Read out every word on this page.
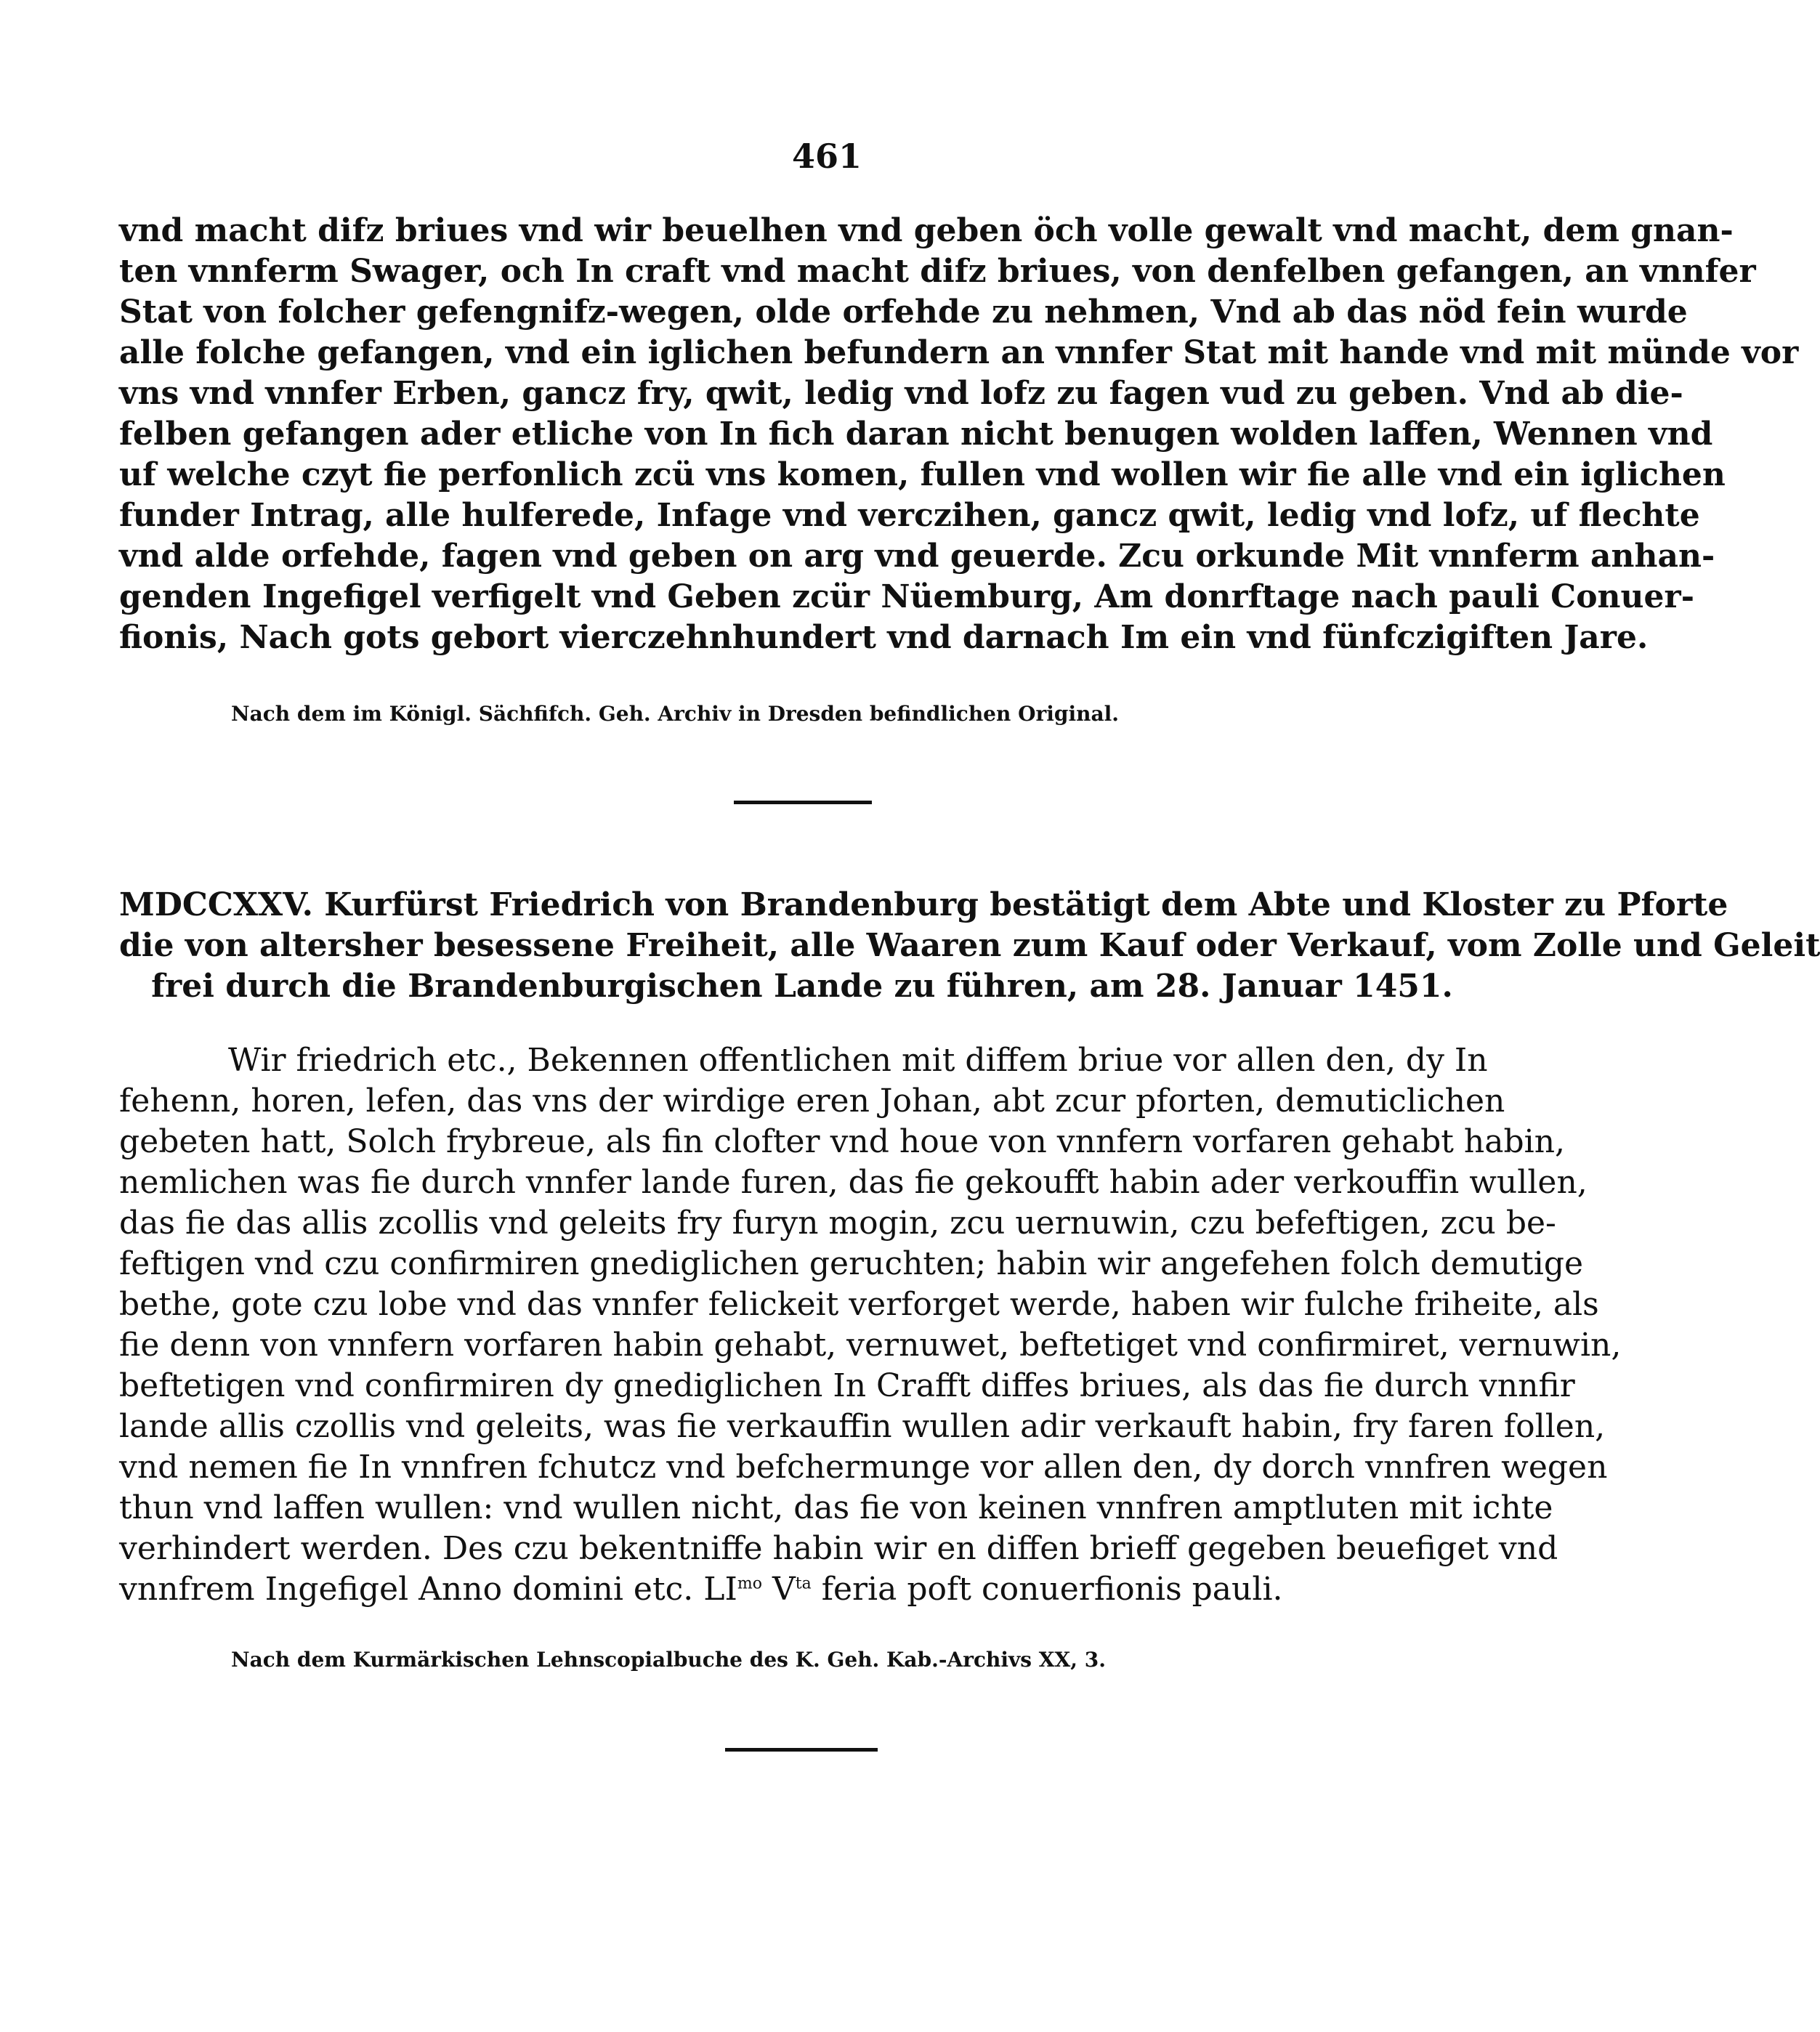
461
vnd macht difz briues vnd wir beuelhen vnd geben öch volle gewalt vnd macht, dem gnan-
ten vnnferm Swager, och In craft vnd macht difz briues, von denfelben gefangen, an vnnfer
Stat von folcher gefengnifz-wegen, olde orfehde zu nehmen, Vnd ab das nöd fein wurde
alle folche gefangen, vnd ein iglichen befundern an vnnfer Stat mit hande vnd mit münde vor
vns vnd vnnfer Erben, gancz fry, qwit, ledig vnd lofz zu fagen vud zu geben. Vnd ab die-
felben gefangen ader etliche von In fich daran nicht benugen wolden laffen, Wennen vnd
uf welche czyt fie perfonlich zcü vns komen, fullen vnd wollen wir fie alle vnd ein iglichen
funder Intrag, alle hulferede, Infage vnd verczihen, gancz qwit, ledig vnd lofz, uf flechte
vnd alde orfehde, fagen vnd geben on arg vnd geuerde. Zcu orkunde Mit vnnferm anhan-
genden Ingefigel verfigelt vnd Geben zcür Nüemburg, Am donrftage nach pauli Conuer-
fionis, Nach gots gebort vierczehnhundert vnd darnach Im ein vnd fünfczigiften Jare.
Nach dem im Königl. Sächfifch. Geh. Archiv in Dresden befindlichen Original.
MDCCXXV. Kurfürst Friedrich von Brandenburg bestätigt dem Abte und Kloster zu Pforte
die von altersher besessene Freiheit, alle Waaren zum Kauf oder Verkauf, vom Zolle und Geleit
frei durch die Brandenburgischen Lande zu führen, am 28. Januar 1451.
Wir friedrich etc., Bekennen offentlichen mit diffem briue vor allen den, dy In
fehenn, horen, lefen, das vns der wirdige eren Johan, abt zcur pforten, demuticlichen
gebeten hatt, Solch frybreue, als fin clofter vnd houe von vnnfern vorfaren gehabt habin,
nemlichen was fie durch vnnfer lande furen, das fie gekoufft habin ader verkouffin wullen,
das fie das allis zcollis vnd geleits fry furyn mogin, zcu uernuwin, czu befeftigen, zcu be-
feftigen vnd czu confirmiren gnediglichen geruchten; habin wir angefehen folch demutige
bethe, gote czu lobe vnd das vnnfer felickeit verforget werde, haben wir fulche friheite, als
fie denn von vnnfern vorfaren habin gehabt, vernuwet, beftetiget vnd confirmiret, vernuwin,
beftetigen vnd confirmiren dy gnediglichen In Crafft diffes briues, als das fie durch vnnfir
lande allis czollis vnd geleits, was fie verkauffin wullen adir verkauft habin, fry faren follen,
vnd nemen fie In vnnfren fchutcz vnd befchermunge vor allen den, dy dorch vnnfren wegen
thun vnd laffen wullen: vnd wullen nicht, das fie von keinen vnnfren amptluten mit ichte
verhindert werden. Des czu bekentniffe habin wir en diffen brieff gegeben beuefiget vnd
vnnfrem Ingefigel Anno domini etc. $LI^{mo}$ $V^{ta}$ feria poft conuerfionis pauli.
Nach dem Kurmärkischen Lehnscopialbuche des K. Geh. Kab.-Archivs XX, 3.
